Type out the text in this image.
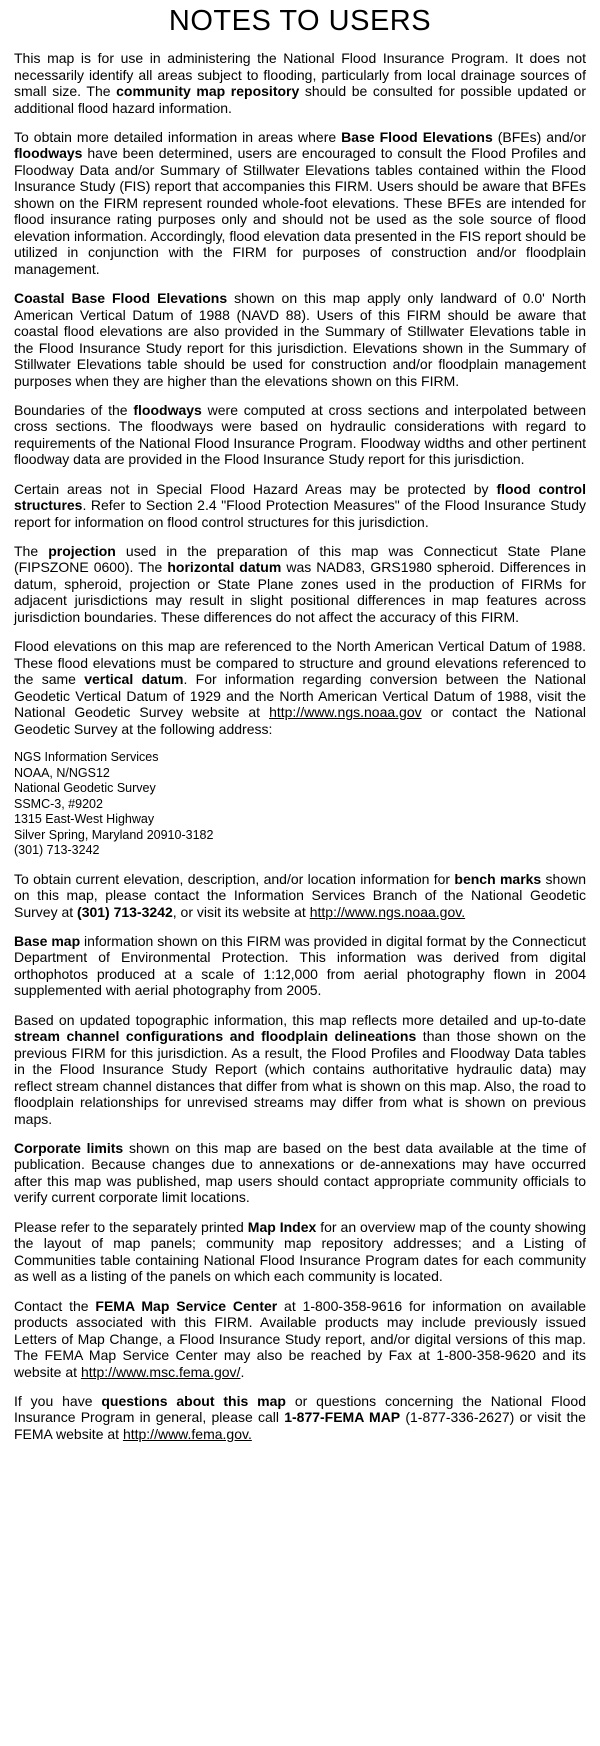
NOTES TO USERS

This map is for use in administering the National Flood Insurance Program. It does not necessarily identify all areas subject to flooding, particularly from local drainage sources of small size. The community map repository should be consulted for possible updated or additional flood hazard information.

To obtain more detailed information in areas where Base Flood Elevations (BFEs) and/or floodways have been determined, users are encouraged to consult the Flood Profiles and Floodway Data and/or Summary of Stillwater Elevations tables contained within the Flood Insurance Study (FIS) report that accompanies this FIRM. Users should be aware that BFEs shown on the FIRM represent rounded whole-foot elevations. These BFEs are intended for flood insurance rating purposes only and should not be used as the sole source of flood elevation information. Accordingly, flood elevation data presented in the FIS report should be utilized in conjunction with the FIRM for purposes of construction and/or floodplain management.

Coastal Base Flood Elevations shown on this map apply only landward of 0.0' North American Vertical Datum of 1988 (NAVD 88). Users of this FIRM should be aware that coastal flood elevations are also provided in the Summary of Stillwater Elevations table in the Flood Insurance Study report for this jurisdiction. Elevations shown in the Summary of Stillwater Elevations table should be used for construction and/or floodplain management purposes when they are higher than the elevations shown on this FIRM.

Boundaries of the floodways were computed at cross sections and interpolated between cross sections. The floodways were based on hydraulic considerations with regard to requirements of the National Flood Insurance Program. Floodway widths and other pertinent floodway data are provided in the Flood Insurance Study report for this jurisdiction.

Certain areas not in Special Flood Hazard Areas may be protected by flood control structures. Refer to Section 2.4 "Flood Protection Measures" of the Flood Insurance Study report for information on flood control structures for this jurisdiction.

The projection used in the preparation of this map was Connecticut State Plane (FIPSZONE 0600). The horizontal datum was NAD83, GRS1980 spheroid. Differences in datum, spheroid, projection or State Plane zones used in the production of FIRMs for adjacent jurisdictions may result in slight positional differences in map features across jurisdiction boundaries. These differences do not affect the accuracy of this FIRM.

Flood elevations on this map are referenced to the North American Vertical Datum of 1988. These flood elevations must be compared to structure and ground elevations referenced to the same vertical datum. For information regarding conversion between the National Geodetic Vertical Datum of 1929 and the North American Vertical Datum of 1988, visit the National Geodetic Survey website at http://www.ngs.noaa.gov or contact the National Geodetic Survey at the following address:

NGS Information Services
NOAA, N/NGS12
National Geodetic Survey
SSMC-3, #9202
1315 East-West Highway
Silver Spring, Maryland 20910-3182
(301) 713-3242

To obtain current elevation, description, and/or location information for bench marks shown on this map, please contact the Information Services Branch of the National Geodetic Survey at (301) 713-3242, or visit its website at http://www.ngs.noaa.gov.

Base map information shown on this FIRM was provided in digital format by the Connecticut Department of Environmental Protection. This information was derived from digital orthophotos produced at a scale of 1:12,000 from aerial photography flown in 2004 supplemented with aerial photography from 2005.

Based on updated topographic information, this map reflects more detailed and up-to-date stream channel configurations and floodplain delineations than those shown on the previous FIRM for this jurisdiction. As a result, the Flood Profiles and Floodway Data tables in the Flood Insurance Study Report (which contains authoritative hydraulic data) may reflect stream channel distances that differ from what is shown on this map. Also, the road to floodplain relationships for unrevised streams may differ from what is shown on previous maps.

Corporate limits shown on this map are based on the best data available at the time of publication. Because changes due to annexations or de-annexations may have occurred after this map was published, map users should contact appropriate community officials to verify current corporate limit locations.

Please refer to the separately printed Map Index for an overview map of the county showing the layout of map panels; community map repository addresses; and a Listing of Communities table containing National Flood Insurance Program dates for each community as well as a listing of the panels on which each community is located.

Contact the FEMA Map Service Center at 1-800-358-9616 for information on available products associated with this FIRM. Available products may include previously issued Letters of Map Change, a Flood Insurance Study report, and/or digital versions of this map. The FEMA Map Service Center may also be reached by Fax at 1-800-358-9620 and its website at http://www.msc.fema.gov/.

If you have questions about this map or questions concerning the National Flood Insurance Program in general, please call 1-877-FEMA MAP (1-877-336-2627) or visit the FEMA website at http://www.fema.gov.
